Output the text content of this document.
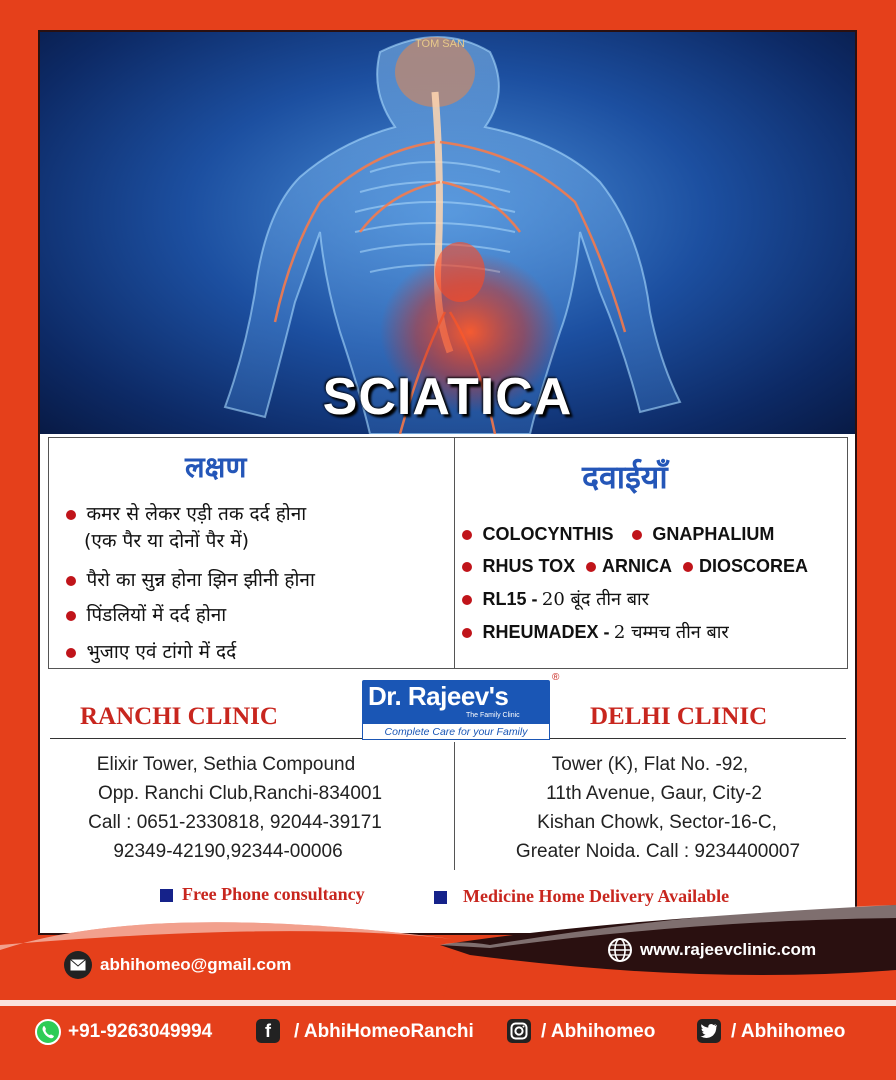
TOM SAN
SCIATICA
लक्षण
कमर से लेकर एड़ी तक दर्द होना
(एक पैर या दोनों पैर में)
पैरो का सुन्न होना झिन झीनी होना
पिंडलियों में दर्द होना
भुजाए एवं टांगो में दर्द
दवाईयाँ
COLOCYNTHIS GNAPHALIUM
RHUS TOX ARNICA DIOSCOREA
RL15 - 20 बूंद तीन बार
RHEUMADEX - 2 चम्मच तीन बार
RANCHI CLINIC	DELHI CLINIC
Dr. Rajeev's
The Family Clinic
Complete Care for your Family
®
Elixir Tower, Sethia Compound
Opp. Ranchi Club,Ranchi-834001
Call : 0651-2330818, 92044-39171
92349-42190,92344-00006
Tower (K), Flat No. -92,
11th Avenue, Gaur, City-2
Kishan Chowk, Sector-16-C,
Greater Noida. Call : 9234400007
Free Phone consultancy	Medicine Home Delivery Available
abhihomeo@gmail.com
www.rajeevclinic.com
+91-9263049994	f / AbhiHomeoRanchi	/ Abhihomeo	/ Abhihomeo
